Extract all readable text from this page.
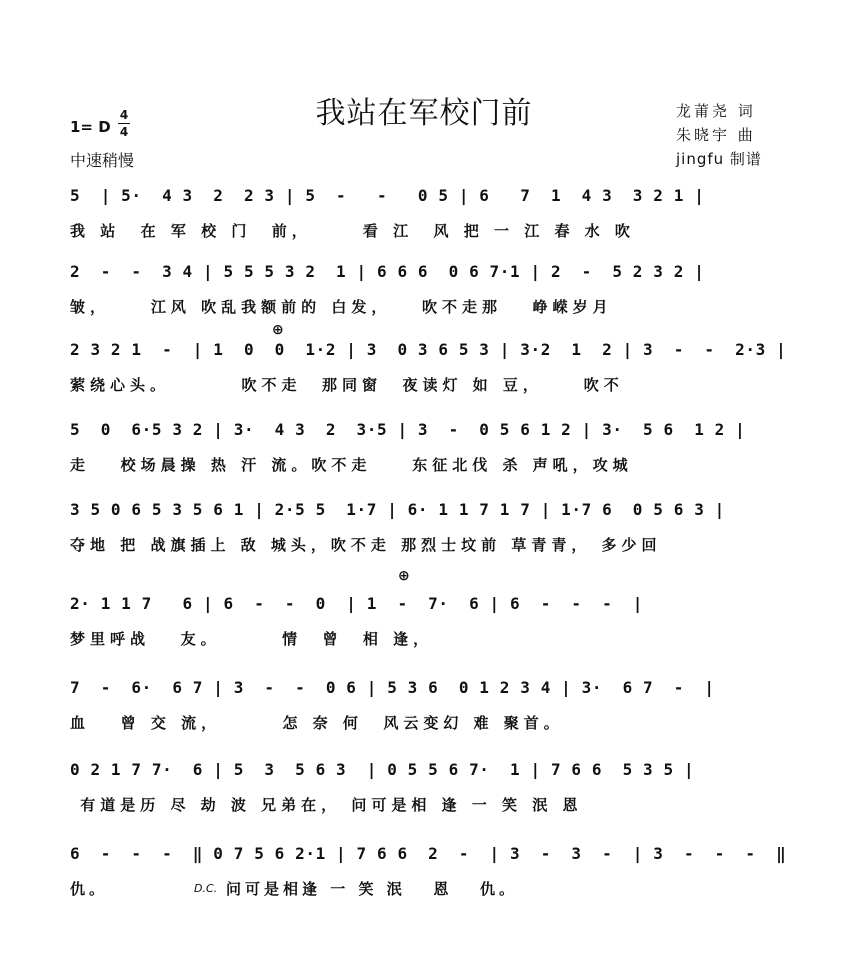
我站在军校门前
1= D
4
4
中速稍慢
龙莆尧 词
朱晓宇 曲
jingfu 制谱
5  | 5·  4 3  2  2 3 | 5  -   -   0 5 | 6   7  1  4 3  3 2 1 |
我 站  在 军 校 门  前，     看 江  风 把 一 江 春 水 吹
2  -  -  3 4 | 5 5 5 3 2  1 | 6 6 6  0 6 7·1 | 2  -  5 2 3 2 |
皱，    江风 吹乱我额前的 白发，   吹不走那   峥嵘岁月
⊕
2 3 2 1  -  | 1  0  0  1·2 | 3  0 3 6 5 3 | 3·2  1  2 | 3  -  -  2·3 |
萦绕心头。       吹不走  那同窗  夜读灯 如 豆，    吹不
5  0  6·5 3 2 | 3·  4 3  2  3·5 | 3  -  0 5 6 1 2 | 3·  5 6  1 2 |
走   校场晨操 热 汗 流。吹不走    东征北伐 杀 声吼，攻城
3 5 0 6 5 3 5 6 1 | 2·5 5  1·7 | 6· 1 1 7 1 7 | 1·7 6  0 5 6 3 |
夺地 把 战旗插上 敌 城头，吹不走 那烈士坟前 草青青， 多少回
⊕
2· 1 1 7   6 | 6  -  -  0  | 1  -  7·  6 | 6  -  -  -  |
梦里呼战   友。      情  曾  相 逢，
7  -  6·  6 7 | 3  -  -  0 6 | 5 3 6  0 1 2 3 4 | 3·  6 7  -  |
血   曾 交 流，      怎 奈 何  风云变幻 难 聚首。
0 2 1 7 7·  6 | 5  3  5 6 3  | 0 5 5 6 7·  1 | 7 6 6  5 3 5 |
有道是历 尽 劫 波 兄弟在， 问可是相 逢 一 笑 泯 恩
6  -  -  -  ‖ 0 7 5 6 2·1 | 7 6 6  2  -  | 3  -  3  -  | 3  -  -  -  ‖
仇。	D.C. 问可是相逢 一 笑 泯   恩   仇。
